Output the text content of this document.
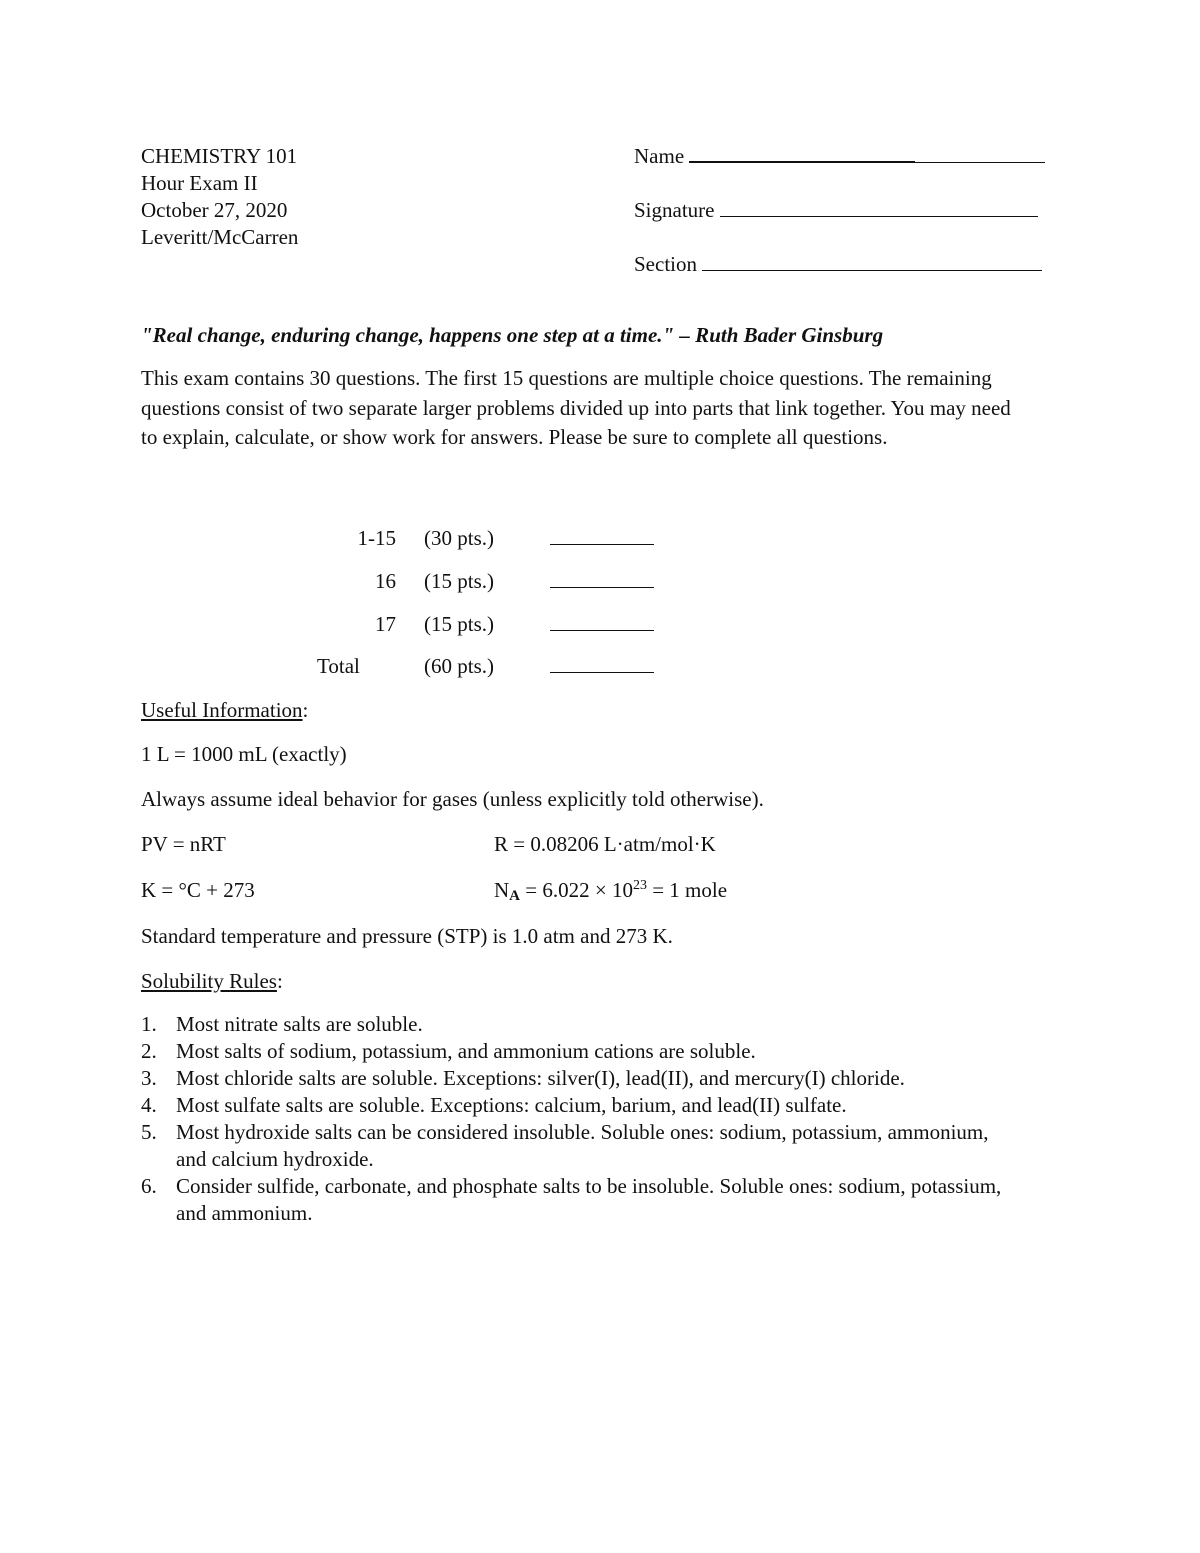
CHEMISTRY 101
Hour Exam II
October 27, 2020
Leveritt/McCarren
Name
Signature
Section
"Real change, enduring change, happens one step at a time." – Ruth Bader Ginsburg
This exam contains 30 questions. The first 15 questions are multiple choice questions. The remaining questions consist of two separate larger problems divided up into parts that link together. You may need to explain, calculate, or show work for answers. Please be sure to complete all questions.
1-15 (30 pts.)
16 (15 pts.)
17 (15 pts.)
Total	(60 pts.)
Useful Information:
1 L = 1000 mL (exactly)
Always assume ideal behavior for gases (unless explicitly told otherwise).
PV = nRT	R = 0.08206 L·atm/mol·K
K = °C + 273	$N_A = 6.022 \times 10^{23} = 1$ mole
Standard temperature and pressure (STP) is 1.0 atm and 273 K.
Solubility Rules:
1. Most nitrate salts are soluble.
2. Most salts of sodium, potassium, and ammonium cations are soluble.
3. Most chloride salts are soluble. Exceptions: silver(I), lead(II), and mercury(I) chloride.
4. Most sulfate salts are soluble. Exceptions: calcium, barium, and lead(II) sulfate.
5. Most hydroxide salts can be considered insoluble. Soluble ones: sodium, potassium, ammonium, and calcium hydroxide.
6. Consider sulfide, carbonate, and phosphate salts to be insoluble. Soluble ones: sodium, potassium, and ammonium.
